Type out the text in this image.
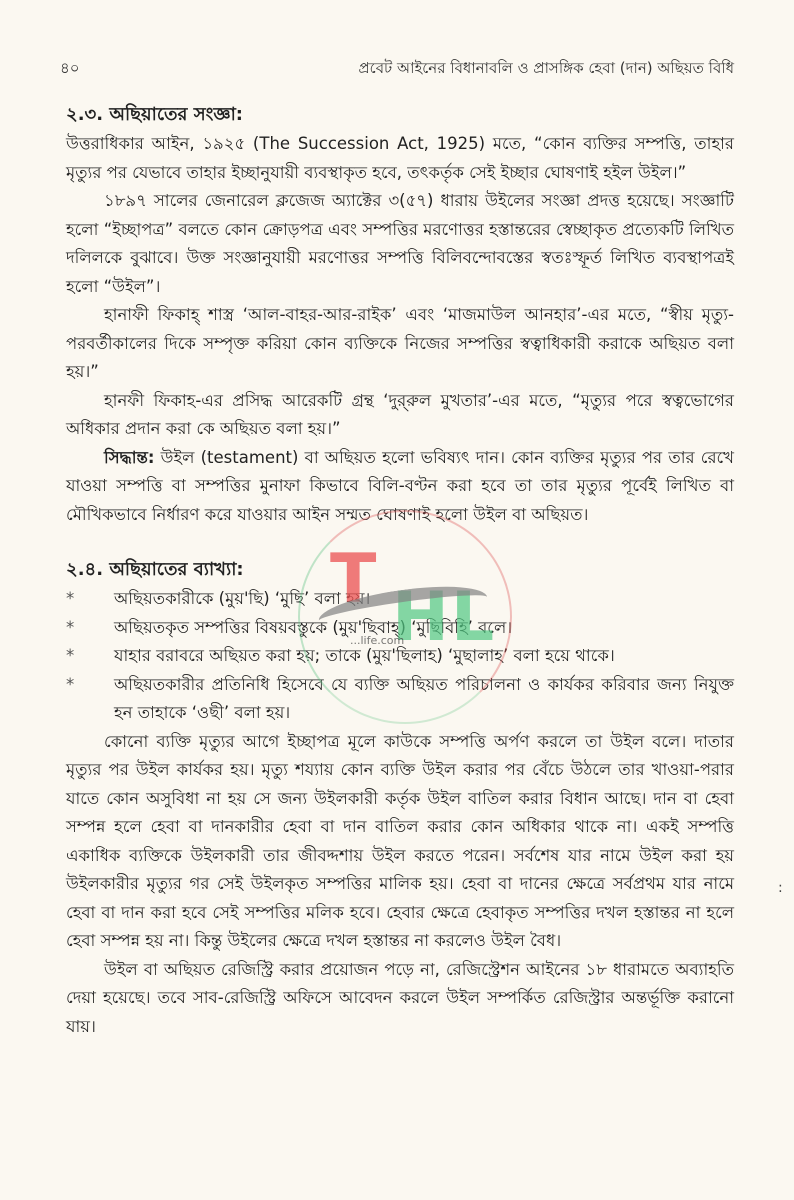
৪০	প্রবেট আইনের বিধানাবলি ও প্রাসঙ্গিক হেবা (দান) অছিয়ত বিধি

২.৩. অছিয়াতের সংজ্ঞা:

উত্তরাধিকার আইন, ১৯২৫ (The Succession Act, 1925) মতে, “কোন ব্যক্তির সম্পত্তি, তাহার মৃত্যুর পর যেভাবে তাহার ইচ্ছানুযায়ী ব্যবস্থাকৃত হবে, তৎকর্তৃক সেই ইচ্ছার ঘোষণাই হইল উইল।”

১৮৯৭ সালের জেনারেল ক্লজেজ অ্যাক্টের ৩(৫৭) ধারায় উইলের সংজ্ঞা প্রদত্ত হয়েছে। সংজ্ঞাটি হলো “ইচ্ছাপত্র” বলতে কোন ক্রোড়পত্র এবং সম্পত্তির মরণোত্তর হস্তান্তরের স্বেচ্ছাকৃত প্রত্যেকটি লিখিত দলিলকে বুঝাবে। উক্ত সংজ্ঞানুযায়ী মরণোত্তর সম্পত্তি বিলিবন্দোবস্তের স্বতঃস্ফূর্ত লিখিত ব্যবস্থাপত্রই হলো “উইল”।

হানাফী ফিকাহ্ শাস্ত্র ‘আল-বাহর-আর-রাইক’ এবং ‘মাজমাউল আনহার’-এর মতে, “স্বীয় মৃত্যু-পরবর্তীকালের দিকে সম্পৃক্ত করিয়া কোন ব্যক্তিকে নিজের সম্পত্তির স্বত্বাধিকারী করাকে অছিয়ত বলা হয়।”

হানফী ফিকাহ-এর প্রসিদ্ধ আরেকটি গ্রন্থ ‘দুর্‌রুল মুখতার’-এর মতে, “মৃত্যুর পরে স্বত্বভোগের অধিকার প্রদান করা কে অছিয়ত বলা হয়।”

সিদ্ধান্ত: উইল (testament) বা অছিয়ত হলো ভবিষ্যৎ দান। কোন ব্যক্তির মৃত্যুর পর তার রেখে যাওয়া সম্পত্তি বা সম্পত্তির মুনাফা কিভাবে বিলি-বণ্টন করা হবে তা তার মৃত্যুর পূর্বেই লিখিত বা মৌখিকভাবে নির্ধারণ করে যাওয়ার আইন সম্মত ঘোষণাই হলো উইল বা অছিয়ত।

২.৪. অছিয়াতের ব্যাখ্যা:

*	অছিয়তকারীকে (মুয়'ছি) ‘মুছি’ বলা হয়।
*	অছিয়তকৃত সম্পত্তির বিষয়বস্তুকে (মুয়'ছিবাহ্) ‘মুছিবিহি’ বলে।
*	যাহার বরাবরে অছিয়ত করা হয়; তাকে (মুয়'ছিলাহ) ‘মুছালাহ’ বলা হয়ে থাকে।
*	অছিয়তকারীর প্রতিনিধি হিসেবে যে ব্যক্তি অছিয়ত পরিচালনা ও কার্যকর করিবার জন্য নিযুক্ত হন তাহাকে ‘ওছী’ বলা হয়।

কোনো ব্যক্তি মৃত্যুর আগে ইচ্ছাপত্র মূলে কাউকে সম্পত্তি অর্পণ করলে তা উইল বলে। দাতার মৃত্যুর পর উইল কার্যকর হয়। মৃত্যু শয্যায় কোন ব্যক্তি উইল করার পর বেঁচে উঠলে তার খাওয়া-পরার যাতে কোন অসুবিধা না হয় সে জন্য উইলকারী কর্তৃক উইল বাতিল করার বিধান আছে। দান বা হেবা সম্পন্ন হলে হেবা বা দানকারীর হেবা বা দান বাতিল করার কোন অধিকার থাকে না। একই সম্পত্তি একাধিক ব্যক্তিকে উইলকারী তার জীবদ্দশায় উইল করতে পরেন। সর্বশেষ যার নামে উইল করা হয় উইলকারীর মৃত্যুর গর সেই উইলকৃত সম্পত্তির মালিক হয়। হেবা বা দানের ক্ষেত্রে সর্বপ্রথম যার নামে হেবা বা দান করা হবে সেই সম্পত্তির মলিক হবে। হেবার ক্ষেত্রে হেবাকৃত সম্পত্তির দখল হস্তান্তর না হলে হেবা সম্পন্ন হয় না। কিন্তু উইলের ক্ষেত্রে দখল হস্তান্তর না করলেও উইল বৈধ।

উইল বা অছিয়ত রেজিস্ট্রি করার প্রয়োজন পড়ে না, রেজিস্ট্রেশন আইনের ১৮ ধারামতে অব্যাহতি দেয়া হয়েছে। তবে সাব-রেজিস্ট্রি অফিসে আবেদন করলে উইল সম্পর্কিত রেজিস্ট্রার অন্তর্ভূক্তি করানো যায়।

T HL
...life.com
:
